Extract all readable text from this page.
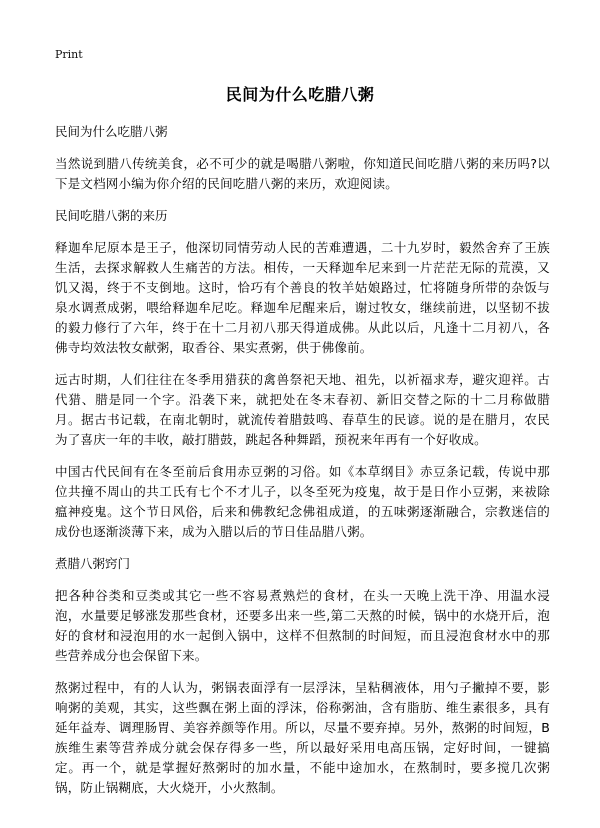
Print
民间为什么吃腊八粥
民间为什么吃腊八粥
当然说到腊八传统美食，必不可少的就是喝腊八粥啦，你知道民间吃腊八粥的来历吗?以下是文档网小编为你介绍的民间吃腊八粥的来历，欢迎阅读。
民间吃腊八粥的来历
释迦牟尼原本是王子，他深切同情劳动人民的苦难遭遇，二十九岁时，毅然舍弃了王族生活，去探求解救人生痛苦的方法。相传，一天释迦牟尼来到一片茫茫无际的荒漠，又饥又渴，终于不支倒地。这时，恰巧有个善良的牧羊姑娘路过，忙将随身所带的杂饭与泉水调煮成粥，喂给释迦牟尼吃。释迦牟尼醒来后，谢过牧女，继续前进，以坚韧不拔的毅力修行了六年，终于在十二月初八那天得道成佛。从此以后，凡逢十二月初八，各佛寺均效法牧女献粥，取香谷、果实煮粥，供于佛像前。
远古时期，人们往往在冬季用猎获的禽兽祭祀天地、祖先，以祈福求寿，避灾迎祥。古代猎、腊是同一个字。沿袭下来，就把处在冬末春初、新旧交替之际的十二月称做腊月。据古书记载，在南北朝时，就流传着腊鼓鸣、春草生的民谚。说的是在腊月，农民为了喜庆一年的丰收，敲打腊鼓，跳起各种舞蹈，预祝来年再有一个好收成。
中国古代民间有在冬至前后食用赤豆粥的习俗。如《本草纲目》赤豆条记载，传说中那位共撞不周山的共工氏有七个不才儿子，以冬至死为疫鬼，故于是日作小豆粥，来祓除瘟神疫鬼。这个节日风俗，后来和佛教纪念佛祖成道，的五味粥逐渐融合，宗教迷信的成份也逐渐淡薄下来，成为入腊以后的节日佳品腊八粥。
煮腊八粥窍门
把各种谷类和豆类或其它一些不容易煮熟烂的食材，在头一天晚上洗干净、用温水浸泡，水量要足够涨发那些食材，还要多出来一些,第二天熬的时候，锅中的水烧开后，泡好的食材和浸泡用的水一起倒入锅中，这样不但熬制的时间短，而且浸泡食材水中的那些营养成分也会保留下来。
熬粥过程中，有的人认为，粥锅表面浮有一层浮沫，呈粘稠液体，用勺子撇掉不要，影响粥的美观，其实，这些飘在粥上面的浮沫，俗称粥油，含有脂肪、维生素很多，具有延年益寿、调理肠胃、美容养颜等作用。所以，尽量不要弃掉。另外，熬粥的时间短，B族维生素等营养成分就会保存得多一些，所以最好采用电高压锅，定好时间，一键搞定。再一个，就是掌握好熬粥时的加水量，不能中途加水，在熬制时，要多搅几次粥锅，防止锅糊底，大火烧开，小火熬制。
